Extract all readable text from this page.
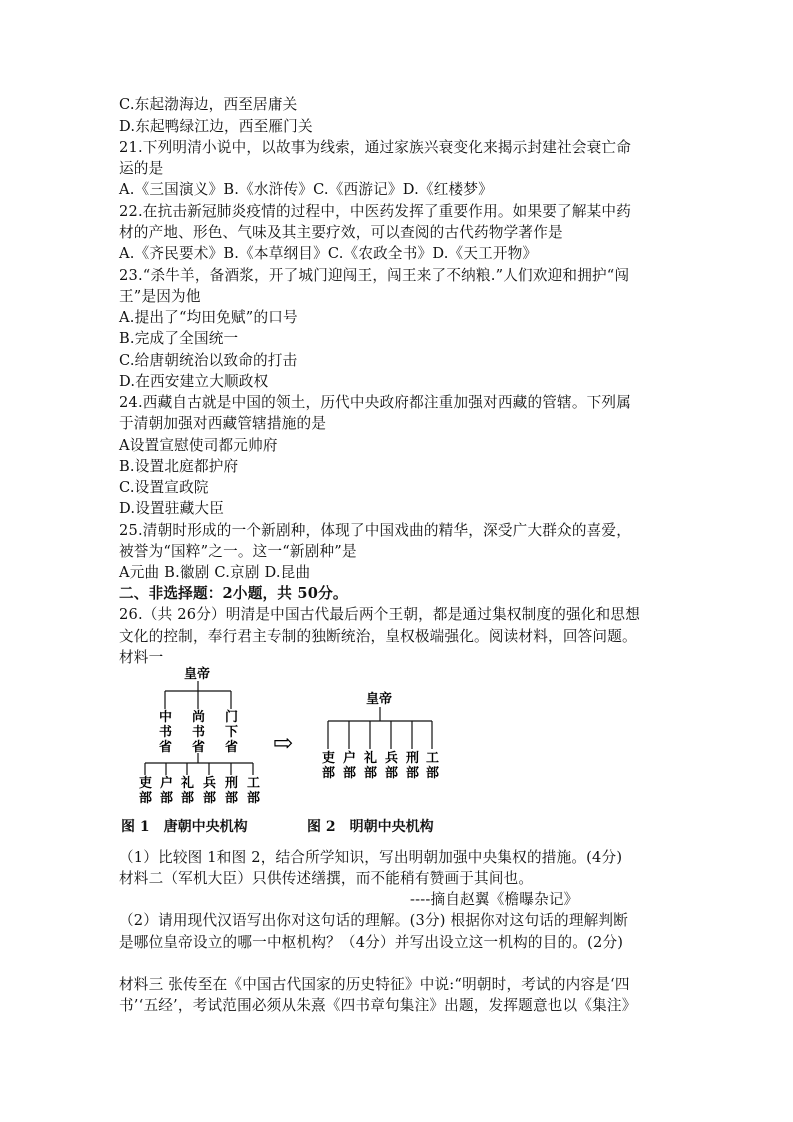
C.东起渤海边，西至居庸关
D.东起鸭绿江边，西至雁门关
21.下列明清小说中，以故事为线索，通过家族兴衰变化来揭示封建社会衰亡命
运的是
A.《三国演义》B.《水浒传》C.《西游记》D.《红楼梦》
22.在抗击新冠肺炎疫情的过程中，中医药发挥了重要作用。如果要了解某中药
材的产地、形色、气味及其主要疗效，可以查阅的古代药物学著作是
A.《齐民要术》B.《本草纲目》C.《农政全书》D.《天工开物》
23.“杀牛羊，备酒浆，开了城门迎闯王，闯王来了不纳粮.”人们欢迎和拥护“闯
王”是因为他
A.提出了“均田免赋”的口号
B.完成了全国统一
C.给唐朝统治以致命的打击
D.在西安建立大顺政权
24.西藏自古就是中国的领土，历代中央政府都注重加强对西藏的管辖。下列属
于清朝加强对西藏管辖措施的是
A设置宣慰使司都元帅府
B.设置北庭都护府
C.设置宣政院
D.设置驻藏大臣
25.清朝时形成的一个新剧种，体现了中国戏曲的精华，深受广大群众的喜爱，
被誉为“国粹”之一。这一“新剧种”是
A元曲 B.徽剧 C.京剧 D.昆曲
二、非选择题：2小题，共 50分。
26.（共 26分）明清是中国古代最后两个王朝，都是通过集权制度的强化和思想
文化的控制，奉行君主专制的独断统治，皇权极端强化。阅读材料，回答问题。
材料一
皇帝
中
书
省
尚
书
省
门
下
省
吏
部
户
部
礼
部
兵
部
刑
部
工
部
⇨
皇帝
吏
部
户
部
礼
部
兵
部
刑
部
工
部
图 1　唐朝中央机构	图 2　明朝中央机构
（1）比较图 1和图 2，结合所学知识，写出明朝加强中央集权的措施。(4分)
材料二（军机大臣）只供传述缮撰，而不能稍有赞画于其间也。
----摘自赵翼《檐曝杂记》
（2）请用现代汉语写出你对这句话的理解。(3分) 根据你对这句话的理解判断
是哪位皇帝设立的哪一中枢机构？（4分）并写出设立这一机构的目的。(2分)
材料三 张传至在《中国古代国家的历史特征》中说:“明朝时，考试的内容是‘四
书’‘五经’，考试范围必须从朱熹《四书章句集注》出题，发挥题意也以《集注》
